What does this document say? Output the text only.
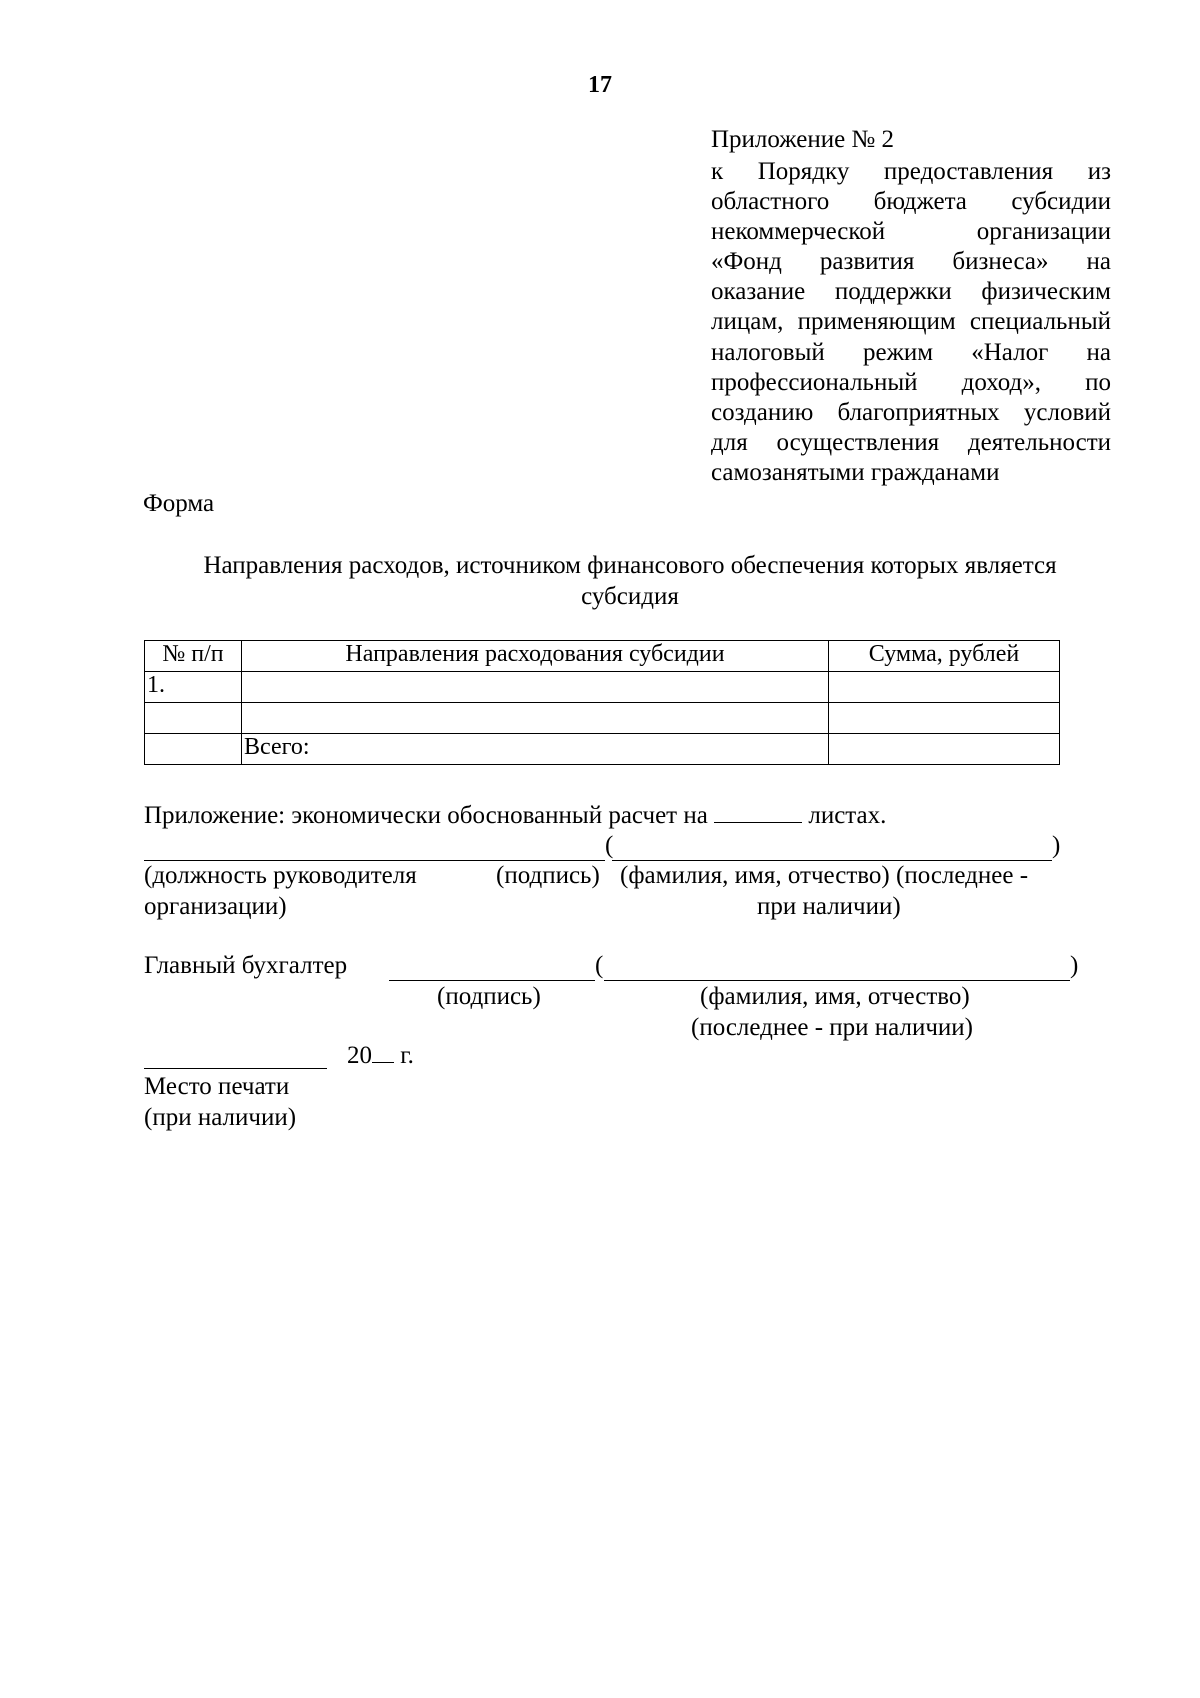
17
Приложение № 2
к Порядку предоставления из
областного бюджета субсидии
некоммерческой организации
«Фонд развития бизнеса» на
оказание поддержки физическим
лицам, применяющим специальный
налоговый режим «Налог на
профессиональный доход», по
созданию благоприятных условий
для осуществления деятельности
самозанятыми гражданами
Форма
Направления расходов, источником финансового обеспечения которых является
субсидия
№ п/п	Направления расходования субсидии	Сумма, рублей
1.		

	Всего:	
Приложение: экономически обоснованный расчет на	листах.
(	)
(должность руководителя
организации)
(подпись) (фамилия, имя, отчество) (последнее -
при наличии)
Главный бухгалтер	(	)
(подпись)	(фамилия, имя, отчество)
(последнее - при наличии)
20 г.
Место печати
(при наличии)
